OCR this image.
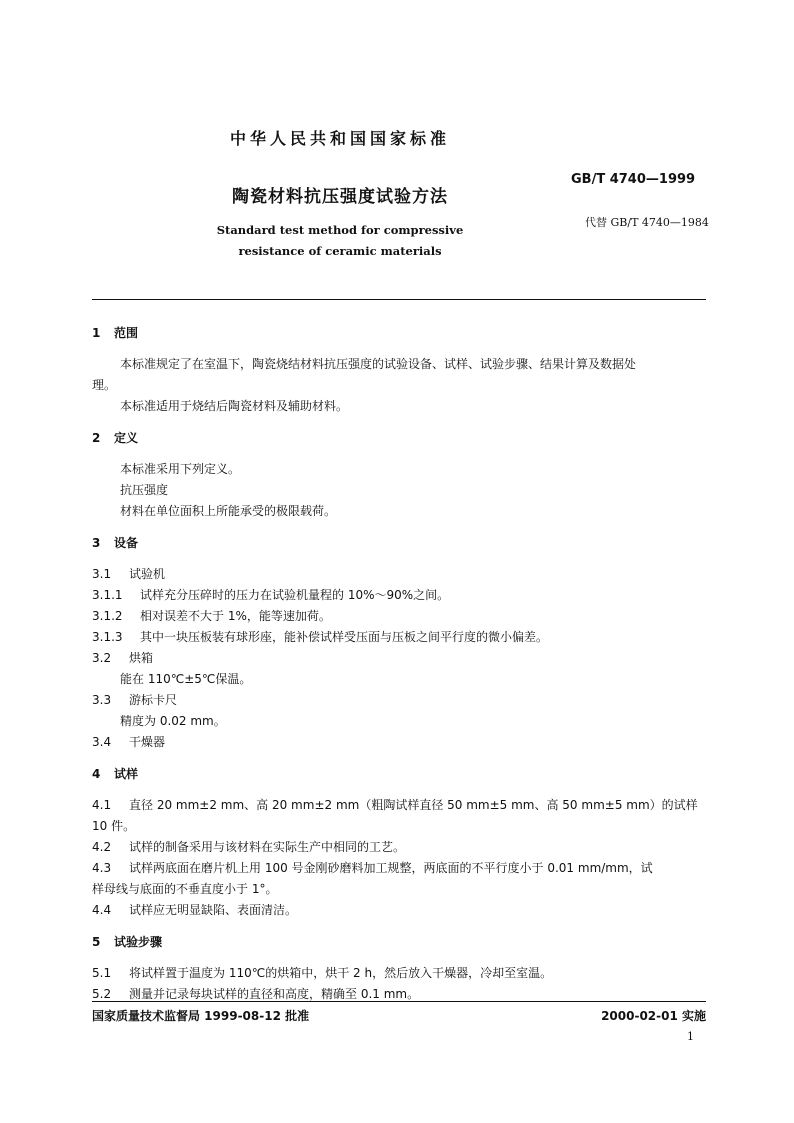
中华人民共和国国家标准
GB/T 4740—1999
陶瓷材料抗压强度试验方法
代替 GB/T 4740—1984
Standard test method for compressive
resistance of ceramic materials
1 范围
本标准规定了在室温下，陶瓷烧结材料抗压强度的试验设备、试样、试验步骤、结果计算及数据处
理。
本标准适用于烧结后陶瓷材料及辅助材料。
2 定义
本标准采用下列定义。
抗压强度
材料在单位面积上所能承受的极限载荷。
3 设备
3.1 试验机
3.1.1 试样充分压碎时的压力在试验机量程的 10%～90%之间。
3.1.2 相对误差不大于 1%，能等速加荷。
3.1.3 其中一块压板装有球形座，能补偿试样受压面与压板之间平行度的微小偏差。
3.2 烘箱
能在 110℃±5℃保温。
3.3 游标卡尺
精度为 0.02 mm。
3.4 干燥器
4 试样
4.1 直径 20 mm±2 mm、高 20 mm±2 mm（粗陶试样直径 50 mm±5 mm、高 50 mm±5 mm）的试样
10 件。
4.2 试样的制备采用与该材料在实际生产中相同的工艺。
4.3 试样两底面在磨片机上用 100 号金刚砂磨料加工规整，两底面的不平行度小于 0.01 mm/mm，试
样母线与底面的不垂直度小于 1°。
4.4 试样应无明显缺陷、表面清洁。
5 试验步骤
5.1 将试样置于温度为 110℃的烘箱中，烘干 2 h，然后放入干燥器，冷却至室温。
5.2 测量并记录每块试样的直径和高度，精确至 0.1 mm。
国家质量技术监督局 1999-08-12 批准	2000-02-01 实施
1
